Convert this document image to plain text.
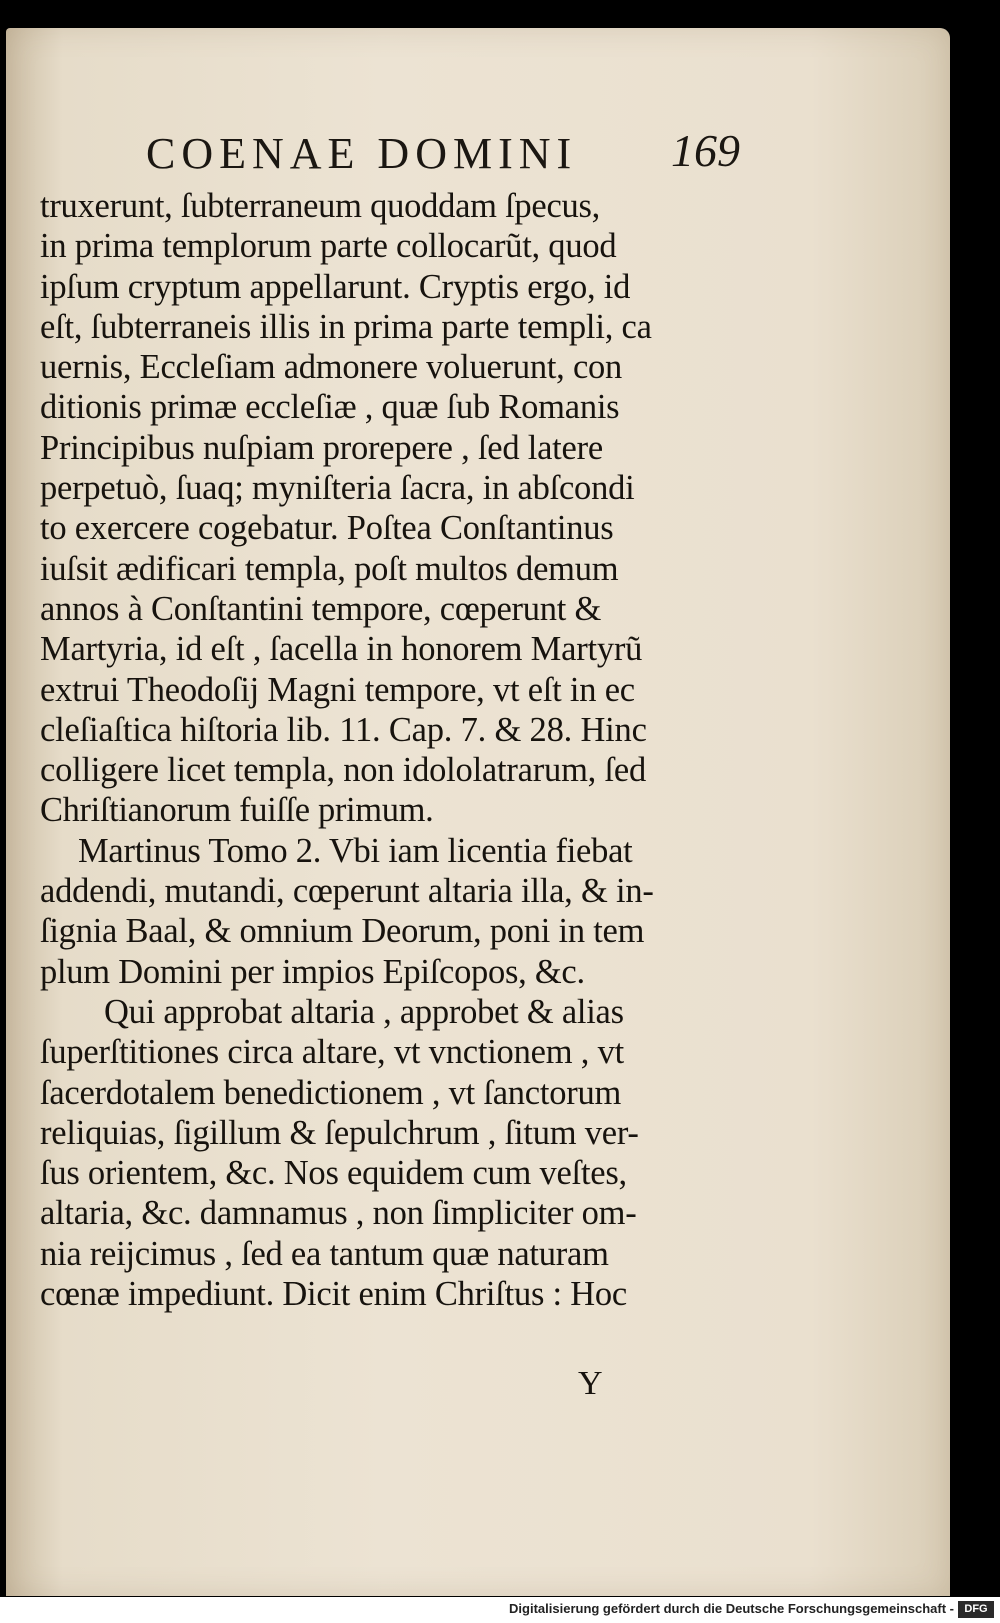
COENAE DOMINI 169
truxerunt, ſubterraneum quoddam ſpecus,
in prima templorum parte collocarũt, quod
ipſum cryptum appellarunt. Cryptis ergo, id
eſt, ſubterraneis illis in prima parte templi, ca
uernis, Eccleſiam admonere voluerunt, con
ditionis primæ eccleſiæ , quæ ſub Romanis
Principibus nuſpiam prorepere , ſed latere
perpetuò, ſuaq; myniſteria ſacra, in abſcondi
to exercere cogebatur. Poſtea Conſtantinus
iuſsit ædificari templa, poſt multos demum
annos à Conſtantini tempore, cœperunt &
Martyria, id eſt , ſacella in honorem Martyrũ
extrui Theodoſij Magni tempore, vt eſt in ec
cleſiaſtica hiſtoria lib. 11. Cap. 7. & 28. Hinc
colligere licet templa, non idololatrarum, ſed
Chriſtianorum fuiſſe primum.
Martinus Tomo 2. Vbi iam licentia fiebat
addendi, mutandi, cœperunt altaria illa, & in-
ſignia Baal, & omnium Deorum, poni in tem
plum Domini per impios Epiſcopos, &c.
Qui approbat altaria , approbet & alias
ſuperſtitiones circa altare, vt vnctionem , vt
ſacerdotalem benedictionem , vt ſanctorum
reliquias, ſigillum & ſepulchrum , ſitum ver-
ſus orientem, &c. Nos equidem cum veſtes,
altaria, &c. damnamus , non ſimpliciter om-
nia reijcimus , ſed ea tantum quæ naturam
cœnæ impediunt. Dicit enim Chriſtus : Hoc
Y
Digitalisierung gefördert durch die Deutsche Forschungsgemeinschaft - DFG
